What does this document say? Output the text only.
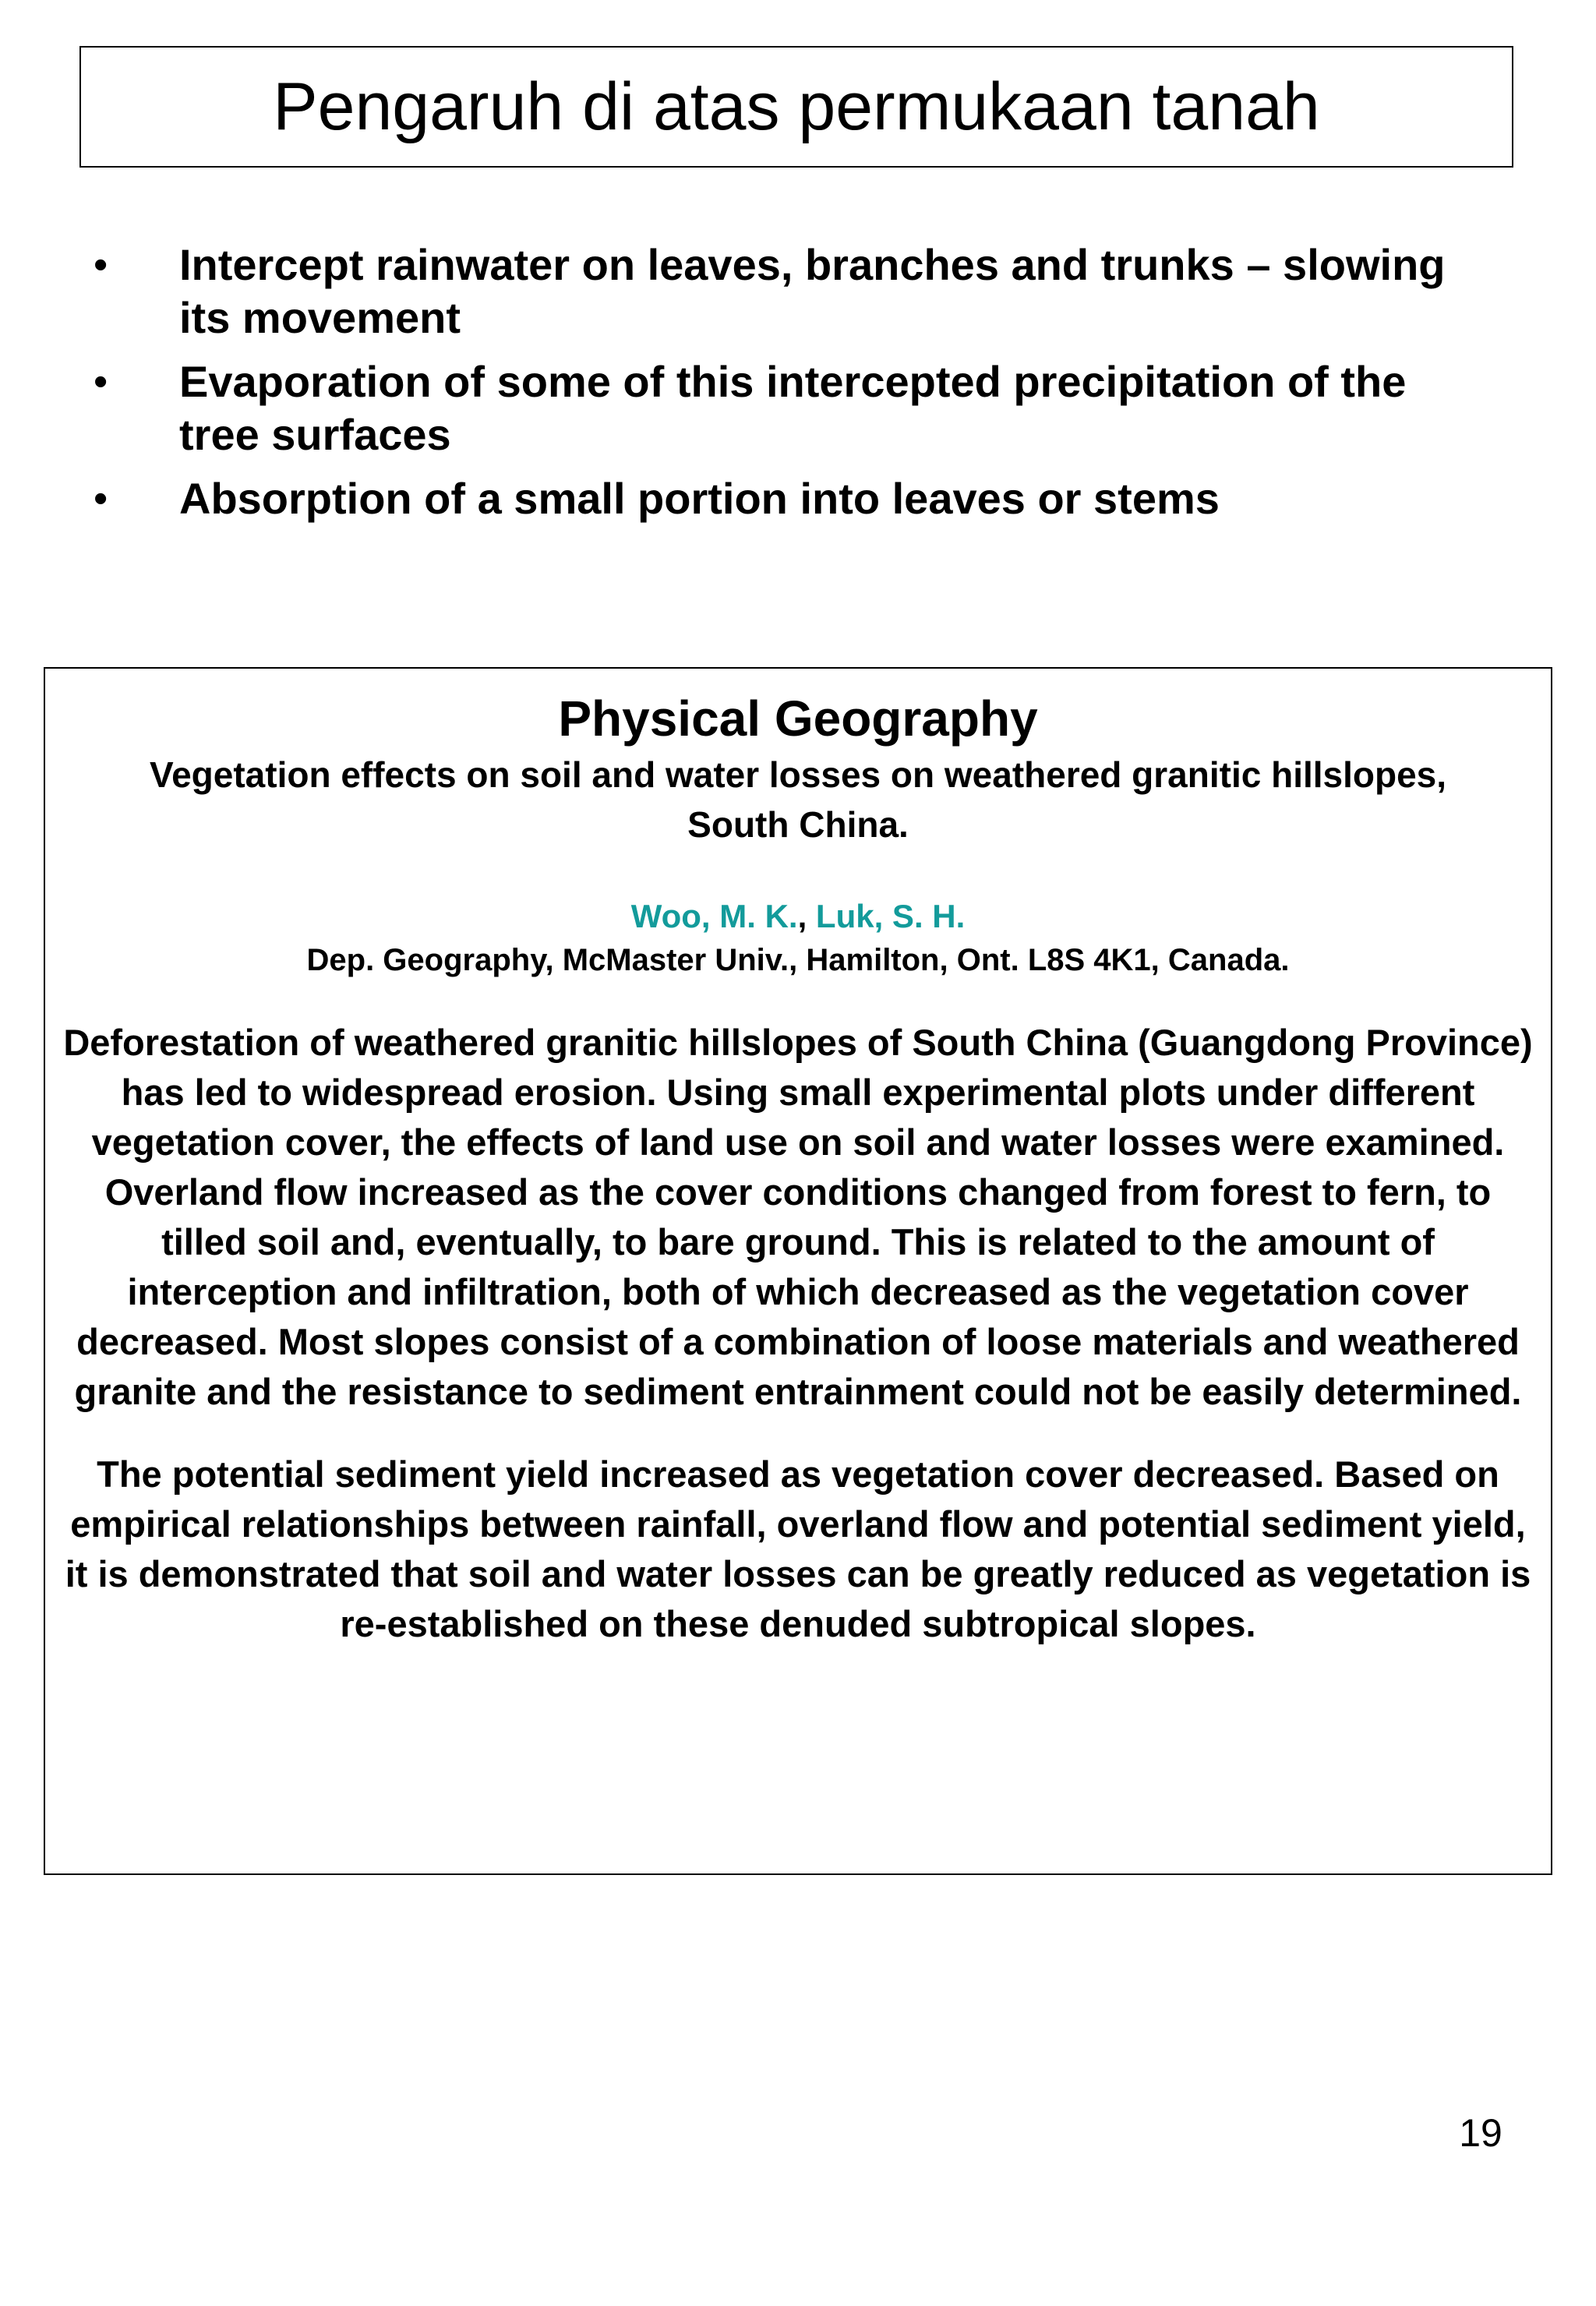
Pengaruh di atas permukaan tanah
• Intercept rainwater on leaves, branches and trunks – slowing its movement
• Evaporation of some of this intercepted precipitation of the tree surfaces
• Absorption of a small portion into leaves or stems
Physical Geography
Vegetation effects on soil and water losses on weathered granitic hillslopes, South China.
Woo, M. K., Luk, S. H.
Dep. Geography, McMaster Univ., Hamilton, Ont. L8S 4K1, Canada.

Deforestation of weathered granitic hillslopes of South China (Guangdong Province) has led to widespread erosion. Using small experimental plots under different vegetation cover, the effects of land use on soil and water losses were examined. Overland flow increased as the cover conditions changed from forest to fern, to tilled soil and, eventually, to bare ground. This is related to the amount of interception and infiltration, both of which decreased as the vegetation cover decreased. Most slopes consist of a combination of loose materials and weathered granite and the resistance to sediment entrainment could not be easily determined.

The potential sediment yield increased as vegetation cover decreased. Based on empirical relationships between rainfall, overland flow and potential sediment yield, it is demonstrated that soil and water losses can be greatly reduced as vegetation is re-established on these denuded subtropical slopes.

19
